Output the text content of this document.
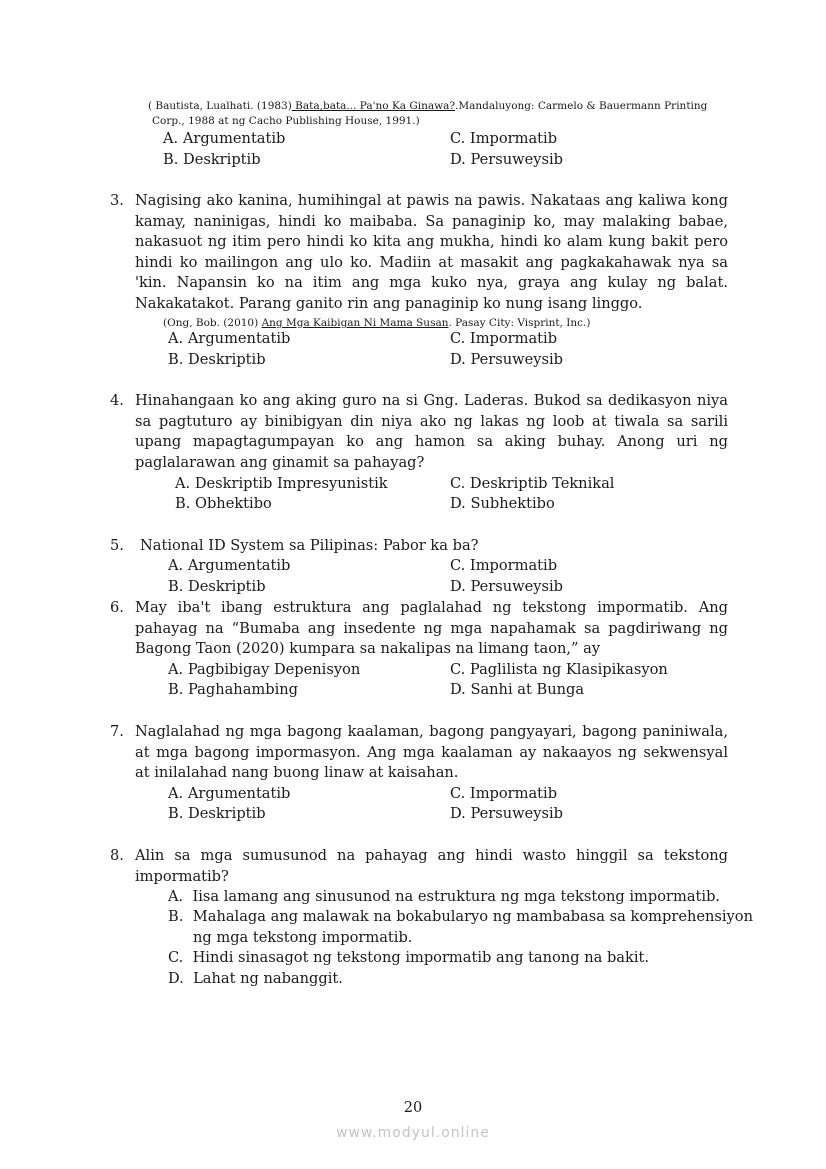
( Bautista, Lualhati. (1983) Bata,bata... Pa'no Ka Ginawa?.Mandaluyong: Carmelo & Bauermann Printing
Corp., 1988 at ng Cacho Publishing House, 1991.)
A. Argumentatib
B. Deskriptib
C. Impormatib
D. Persuweysib
3. Nagising ako kanina, humihingal at pawis na pawis. Nakataas ang kaliwa kong kamay, naninigas, hindi ko maibaba. Sa panaginip ko, may malaking babae, nakasuot ng itim pero hindi ko kita ang mukha, hindi ko alam kung bakit pero hindi ko mailingon ang ulo ko. Madiin at masakit ang pagkakahawak nya sa 'kin. Napansin ko na itim ang mga kuko nya, graya ang kulay ng balat. Nakakatakot. Parang ganito rin ang panaginip ko nung isang linggo.
(Ong, Bob. (2010) Ang Mga Kaibigan Ni Mama Susan. Pasay City: Visprint, Inc.)
A. Argumentatib
B. Deskriptib
C. Impormatib
D. Persuweysib
4. Hinahangaan ko ang aking guro na si Gng. Laderas. Bukod sa dedikasyon niya sa pagtuturo ay binibigyan din niya ako ng lakas ng loob at tiwala sa sarili upang mapagtagumpayan ko ang hamon sa aking buhay. Anong uri ng paglalarawan ang ginamit sa pahayag?
A. Deskriptib Impresyunistik
B. Obhektibo
C. Deskriptib Teknikal
D. Subhektibo
5. National ID System sa Pilipinas: Pabor ka ba?
A. Argumentatib
B. Deskriptib
C. Impormatib
D. Persuweysib
6. May iba't ibang estruktura ang paglalahad ng tekstong impormatib. Ang pahayag na “Bumaba ang insedente ng mga napahamak sa pagdiriwang ng Bagong Taon (2020) kumpara sa nakalipas na limang taon,” ay
A. Pagbibigay Depenisyon
B. Paghahambing
C. Paglilista ng Klasipikasyon
D. Sanhi at Bunga
7. Naglalahad ng mga bagong kaalaman, bagong pangyayari, bagong paniniwala, at mga bagong impormasyon. Ang mga kaalaman ay nakaayos ng sekwensyal at inilalahad nang buong linaw at kaisahan.
A. Argumentatib
B. Deskriptib
C. Impormatib
D. Persuweysib
8. Alin sa mga sumusunod na pahayag ang hindi wasto hinggil sa tekstong impormatib?
A.  Iisa lamang ang sinusunod na estruktura ng mga tekstong impormatib.
B.  Mahalaga ang malawak na bokabularyo ng mambabasa sa komprehensiyon ng mga tekstong impormatib.
C.  Hindi sinasagot ng tekstong impormatib ang tanong na bakit.
D.  Lahat ng nabanggit.
20
www.modyul.online
